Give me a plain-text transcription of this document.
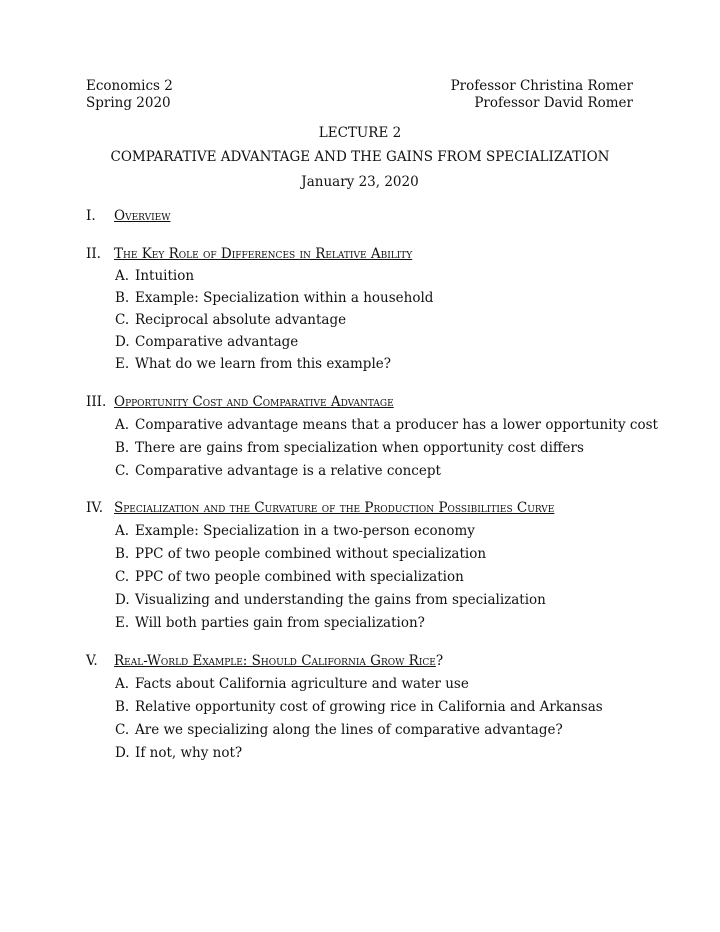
Economics 2	Professor Christina Romer
Spring 2020	Professor David Romer
LECTURE 2
COMPARATIVE ADVANTAGE AND THE GAINS FROM SPECIALIZATION
January 23, 2020
I. Overview
II. The Key Role of Differences in Relative Ability
A. Intuition
B. Example: Specialization within a household
C. Reciprocal absolute advantage
D. Comparative advantage
E. What do we learn from this example?
III. Opportunity Cost and Comparative Advantage
A. Comparative advantage means that a producer has a lower opportunity cost
B. There are gains from specialization when opportunity cost differs
C. Comparative advantage is a relative concept
IV. Specialization and the Curvature of the Production Possibilities Curve
A. Example: Specialization in a two-person economy
B. PPC of two people combined without specialization
C. PPC of two people combined with specialization
D. Visualizing and understanding the gains from specialization
E. Will both parties gain from specialization?
V. Real-World Example: Should California Grow Rice?
A. Facts about California agriculture and water use
B. Relative opportunity cost of growing rice in California and Arkansas
C. Are we specializing along the lines of comparative advantage?
D. If not, why not?
